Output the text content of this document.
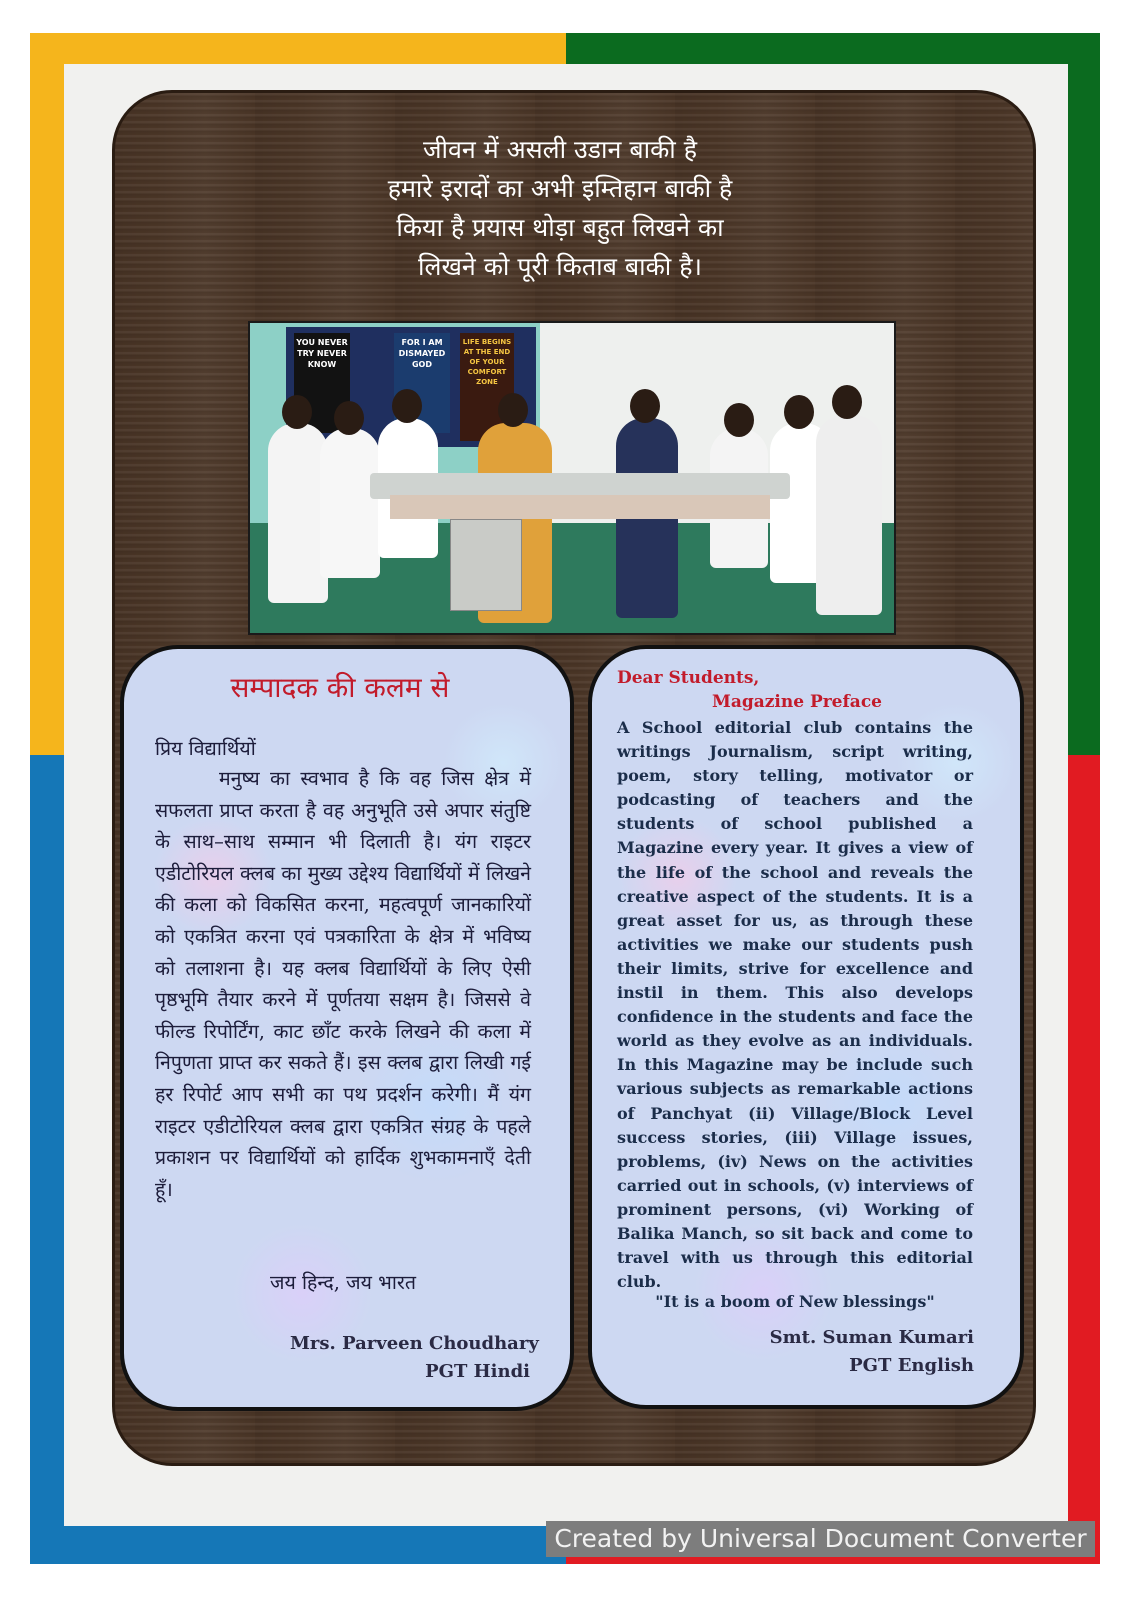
जीवन में असली उडान बाकी है
हमारे इरादों का अभी इम्तिहान बाकी है
किया है प्रयास थोड़ा बहुत लिखने का
लिखने को पूरी किताब बाकी है।
YOU NEVER TRY NEVER KNOW
FOR I AM DISMAYED GOD
LIFE BEGINS AT THE END OF YOUR COMFORT ZONE
सम्पादक की कलम से
प्रिय विद्यार्थियों
मनुष्य का स्वभाव है कि वह जिस क्षेत्र में सफलता प्राप्त करता है वह अनुभूति उसे अपार संतुष्टि के साथ–साथ सम्मान भी दिलाती है। यंग राइटर एडीटोरियल क्लब का मुख्य उद्देश्य विद्यार्थियों में लिखने की कला को विकसित करना, महत्वपूर्ण जानकारियों को एकत्रित करना एवं पत्रकारिता के क्षेत्र में भविष्य को तलाशना है। यह क्लब विद्यार्थियों के लिए ऐसी पृष्ठभूमि तैयार करने में पूर्णतया सक्षम है। जिससे वे फील्ड रिपोर्टिंग, काट छाँट करके लिखने की कला में निपुणता प्राप्त कर सकते हैं। इस क्लब द्वारा लिखी गई हर रिपोर्ट आप सभी का पथ प्रदर्शन करेगी। मैं यंग राइटर एडीटोरियल क्लब द्वारा एकत्रित संग्रह के पहले प्रकाशन पर विद्यार्थियों को हार्दिक शुभकामनाएँ देती हूँ।
जय हिन्द, जय भारत
Mrs. Parveen Choudhary
PGT Hindi
Dear Students,
Magazine Preface
A School editorial club contains the writings Journalism, script writing, poem, story telling, motivator or podcasting of teachers and the students of school published a Magazine every year. It gives a view of the life of the school and reveals the creative aspect of the students. It is a great asset for us, as through these activities we make our students push their limits, strive for excellence and instil in them. This also develops confidence in the students and face the world as they evolve as an individuals. In this Magazine may be include such various subjects as remarkable actions of Panchyat (ii) Village/Block Level success stories, (iii) Village issues, problems, (iv) News on the activities carried out in schools, (v) interviews of prominent persons, (vi) Working of Balika Manch, so sit back and come to travel with us through this editorial club.
"It is a boom of New blessings"
Smt. Suman Kumari
PGT English
Created by Universal Document Converter
